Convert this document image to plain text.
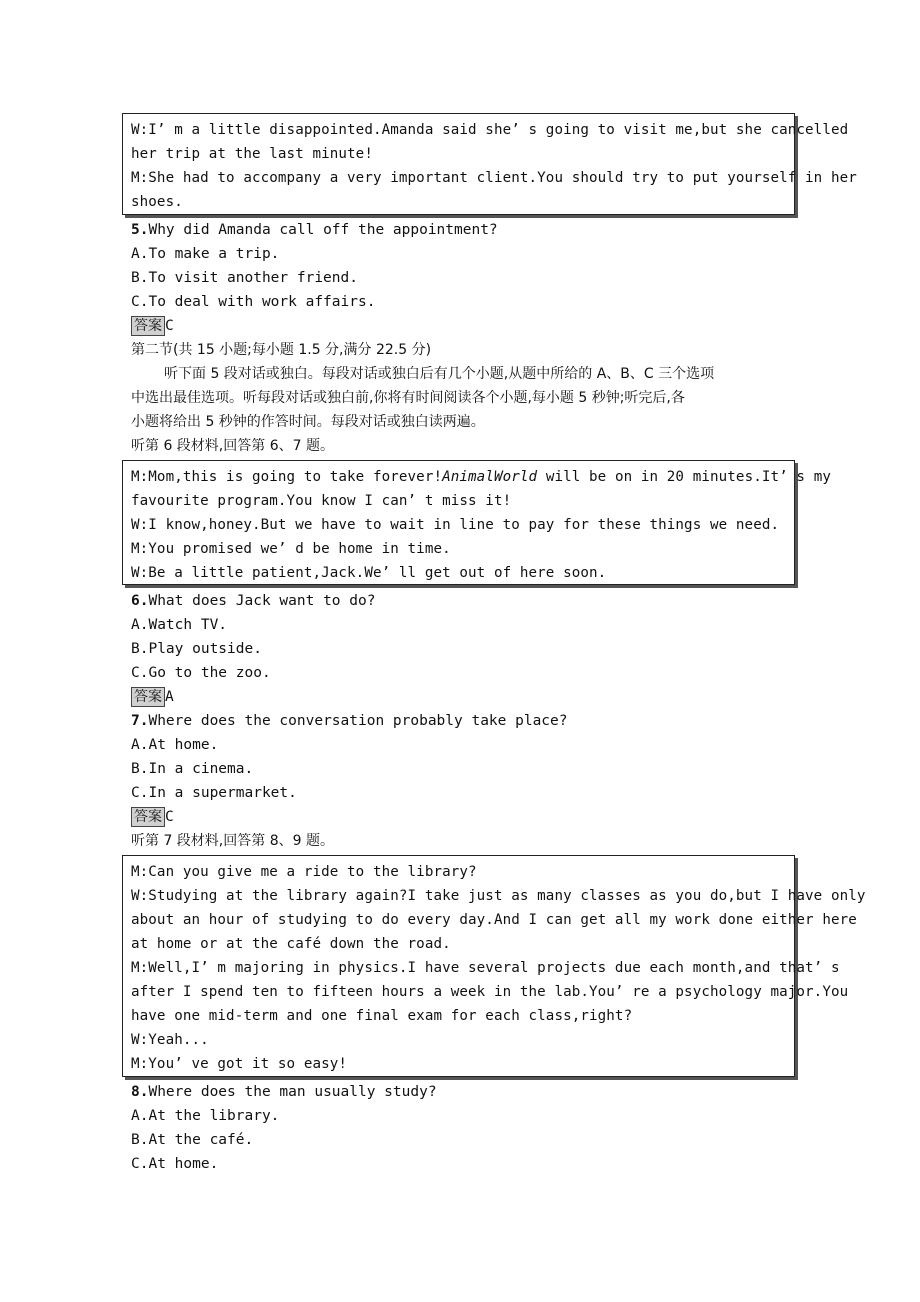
W:I’ m a little disappointed.Amanda said she’ s going to visit me,but she cancelled
her trip at the last minute!
M:She had to accompany a very important client.You should try to put yourself in her
shoes.
5.Why did Amanda call off the appointment?
A.To make a trip.
B.To visit another friend.
C.To deal with work affairs.
答案 C
第二节(共 15 小题;每小题 1.5 分,满分 22.5 分)
听下面 5 段对话或独白。每段对话或独白后有几个小题,从题中所给的 A、B、C 三个选项
中选出最佳选项。听每段对话或独白前,你将有时间阅读各个小题,每小题 5 秒钟;听完后,各
小题将给出 5 秒钟的作答时间。每段对话或独白读两遍。
听第 6 段材料,回答第 6、7 题。
M:Mom,this is going to take forever!AnimalWorld will be on in 20 minutes.It’ s my
favourite program.You know I can’ t miss it!
W:I know,honey.But we have to wait in line to pay for these things we need.
M:You promised we’ d be home in time.
W:Be a little patient,Jack.We’ ll get out of here soon.
6.What does Jack want to do?
A.Watch TV.
B.Play outside.
C.Go to the zoo.
答案 A
7.Where does the conversation probably take place?
A.At home.
B.In a cinema.
C.In a supermarket.
答案 C
听第 7 段材料,回答第 8、9 题。
M:Can you give me a ride to the library?
W:Studying at the library again?I take just as many classes as you do,but I have only
about an hour of studying to do every day.And I can get all my work done either here
at home or at the café down the road.
M:Well,I’ m majoring in physics.I have several projects due each month,and that’ s
after I spend ten to fifteen hours a week in the lab.You’ re a psychology major.You
have one mid-term and one final exam for each class,right?
W:Yeah...
M:You’ ve got it so easy!
8.Where does the man usually study?
A.At the library.
B.At the café.
C.At home.
